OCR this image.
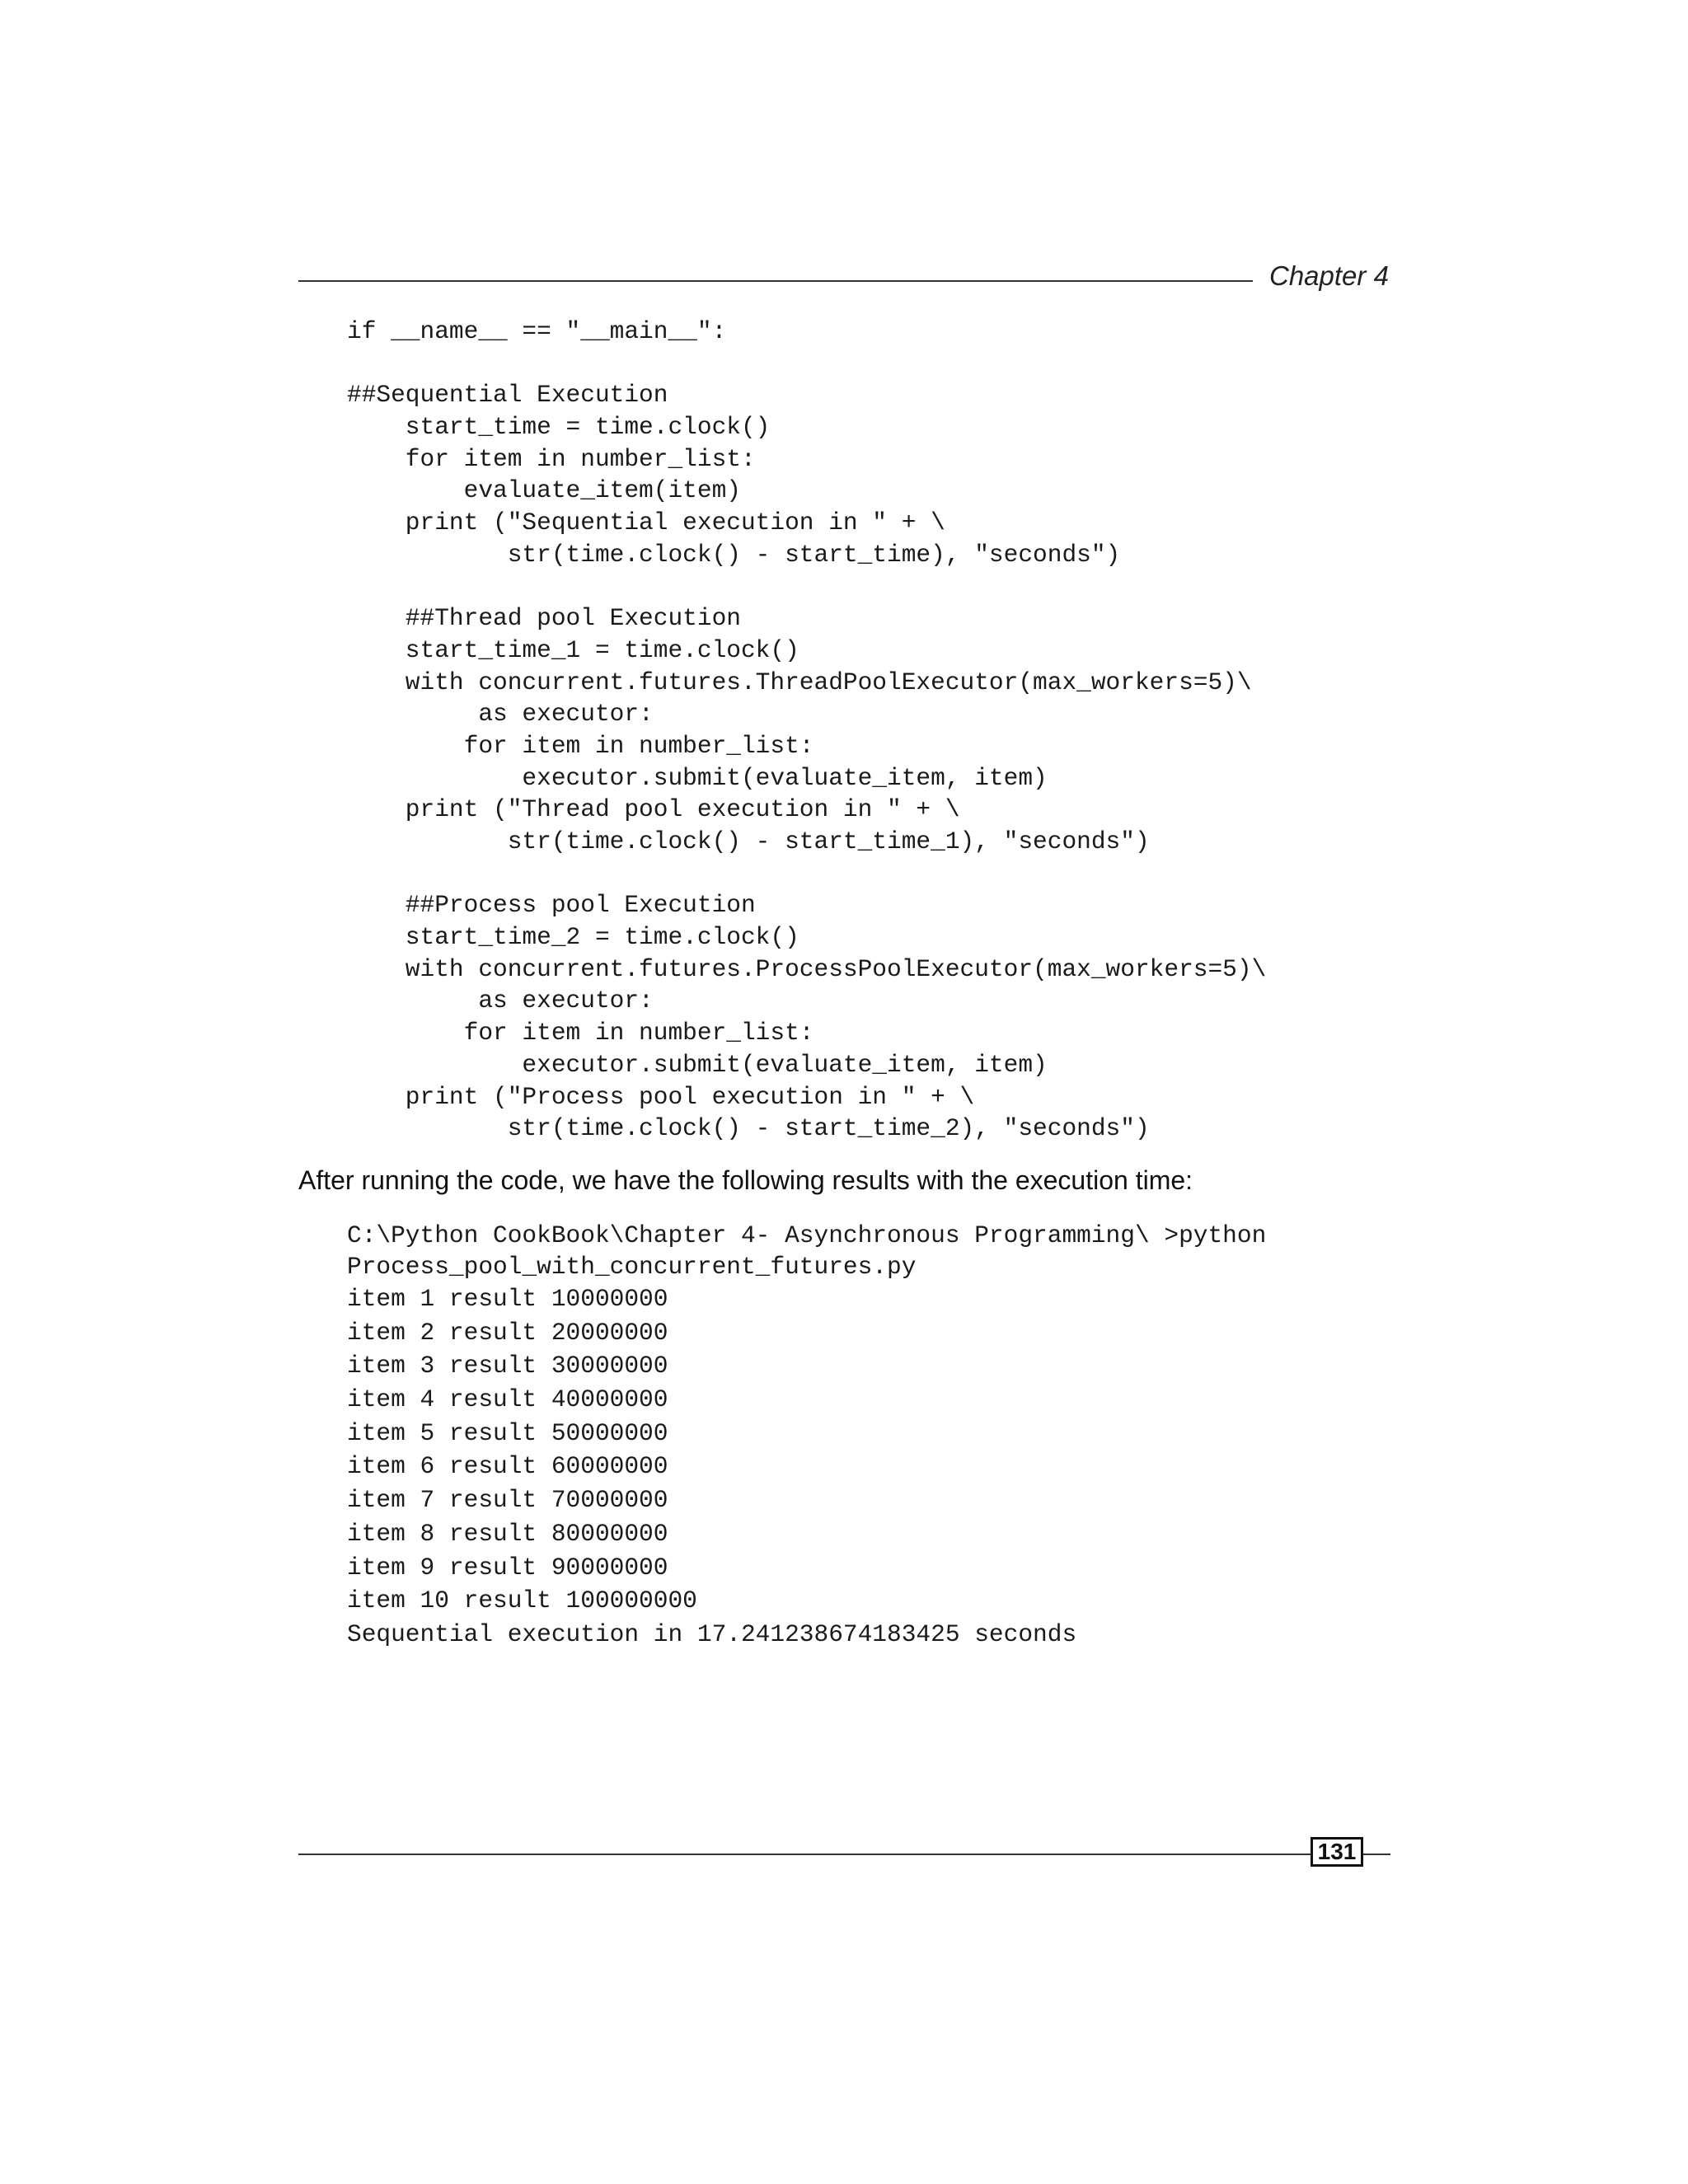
Chapter 4
if __name__ == "__main__":
##Sequential Execution
start_time = time.clock()
for item in number_list:
evaluate_item(item)
print ("Sequential execution in " + \
str(time.clock() - start_time), "seconds")
##Thread pool Execution
start_time_1 = time.clock()
with concurrent.futures.ThreadPoolExecutor(max_workers=5)\
as executor:
for item in number_list:
executor.submit(evaluate_item, item)
print ("Thread pool execution in " + \
str(time.clock() - start_time_1), "seconds")
##Process pool Execution
start_time_2 = time.clock()
with concurrent.futures.ProcessPoolExecutor(max_workers=5)\
as executor:
for item in number_list:
executor.submit(evaluate_item, item)
print ("Process pool execution in " + \
str(time.clock() - start_time_2), "seconds")
After running the code, we have the following results with the execution time:
C:\Python CookBook\Chapter 4- Asynchronous Programming\ >python
Process_pool_with_concurrent_futures.py
item 1 result 10000000
item 2 result 20000000
item 3 result 30000000
item 4 result 40000000
item 5 result 50000000
item 6 result 60000000
item 7 result 70000000
item 8 result 80000000
item 9 result 90000000
item 10 result 100000000
Sequential execution in 17.241238674183425 seconds
131
